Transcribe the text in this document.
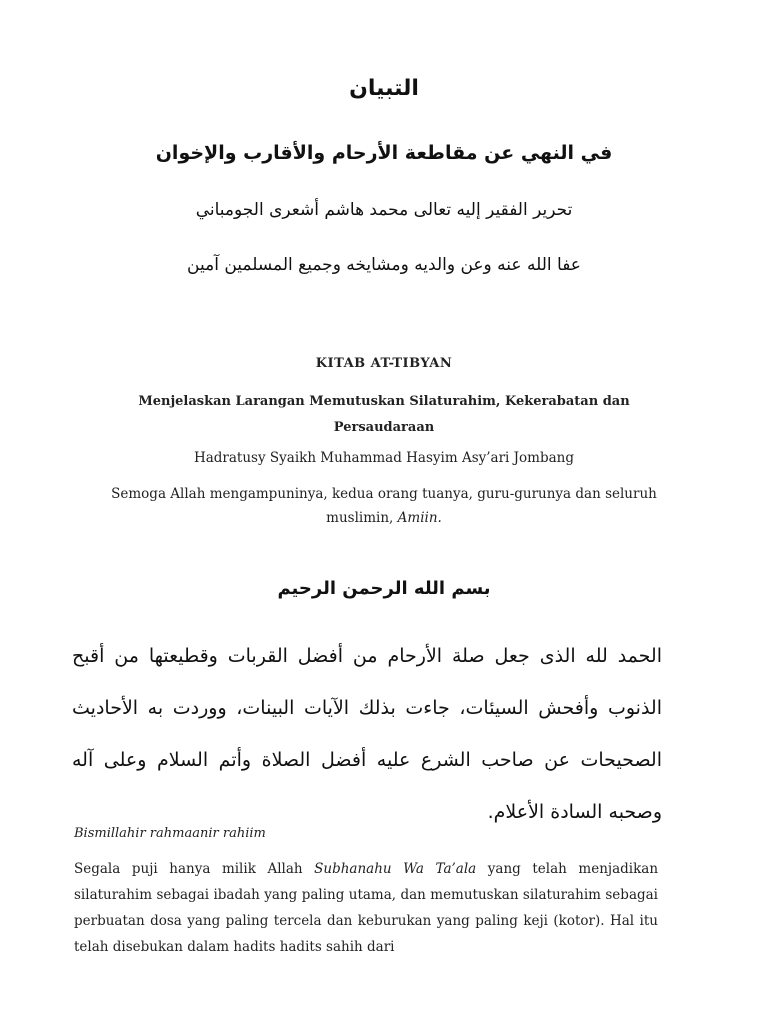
التبيان
في النهي عن مقاطعة الأرحام والأقارب والإخوان
تحرير الفقير إليه تعالى محمد هاشم أشعرى الجومباني
عفا الله عنه وعن والديه ومشايخه وجميع المسلمين آمين
KITAB AT-TIBYAN
Menjelaskan Larangan Memutuskan Silaturahim, Kekerabatan dan Persaudaraan
Hadratusy Syaikh Muhammad Hasyim Asy’ari Jombang
Semoga Allah mengampuninya, kedua orang tuanya, guru-gurunya dan seluruh muslimin, Amiin.
بسم الله الرحمن الرحيم
الحمد لله الذى جعل صلة الأرحام من أفضل القربات وقطيعتها من أقبح الذنوب وأفحش السيئات، جاءت بذلك الآيات البينات، ووردت به الأحاديث الصحيحات عن صاحب الشرع عليه أفضل الصلاة وأتم السلام وعلى آله وصحبه السادة الأعلام.
Bismillahir rahmaanir rahiim
Segala puji hanya milik Allah Subhanahu Wa Ta’ala yang telah menjadikan silaturahim sebagai ibadah yang paling utama, dan memutuskan silaturahim sebagai perbuatan dosa yang paling tercela dan keburukan yang paling keji (kotor). Hal itu telah disebukan dalam hadits hadits sahih dari
